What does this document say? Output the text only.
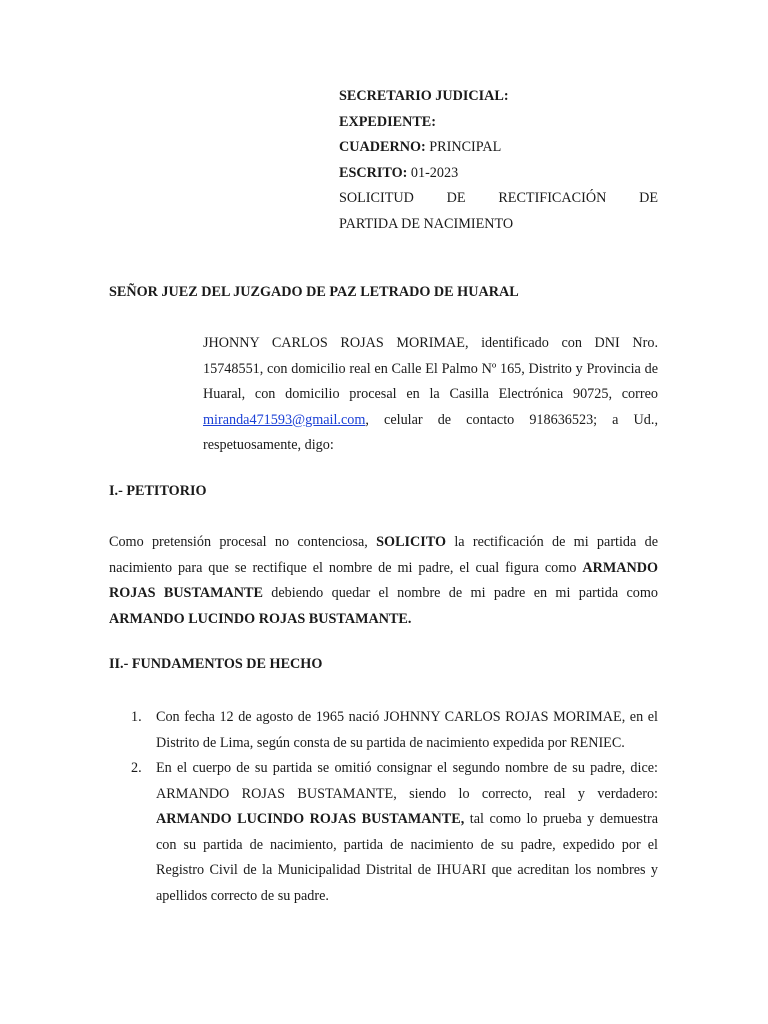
SECRETARIO JUDICIAL:
EXPEDIENTE:
CUADERNO: PRINCIPAL
ESCRITO: 01-2023
SOLICITUD DE RECTIFICACIÓN DE
PARTIDA DE NACIMIENTO
SEÑOR JUEZ DEL JUZGADO DE PAZ LETRADO DE HUARAL
JHONNY CARLOS ROJAS MORIMAE, identificado con DNI Nro. 15748551, con domicilio real en Calle El Palmo Nº 165, Distrito y Provincia de Huaral, con domicilio procesal en la Casilla Electrónica 90725, correo miranda471593@gmail.com, celular de contacto 918636523; a Ud., respetuosamente, digo:
I.- PETITORIO
Como pretensión procesal no contenciosa, SOLICITO la rectificación de mi partida de nacimiento para que se rectifique el nombre de mi padre, el cual figura como ARMANDO ROJAS BUSTAMANTE debiendo quedar el nombre de mi padre en mi partida como ARMANDO LUCINDO ROJAS BUSTAMANTE.
II.- FUNDAMENTOS DE HECHO
1. Con fecha 12 de agosto de 1965 nació JOHNNY CARLOS ROJAS MORIMAE, en el Distrito de Lima, según consta de su partida de nacimiento expedida por RENIEC.
2. En el cuerpo de su partida se omitió consignar el segundo nombre de su padre, dice: ARMANDO ROJAS BUSTAMANTE, siendo lo correcto, real y verdadero: ARMANDO LUCINDO ROJAS BUSTAMANTE, tal como lo prueba y demuestra con su partida de nacimiento, partida de nacimiento de su padre, expedido por el Registro Civil de la Municipalidad Distrital de IHUARI que acreditan los nombres y apellidos correcto de su padre.
